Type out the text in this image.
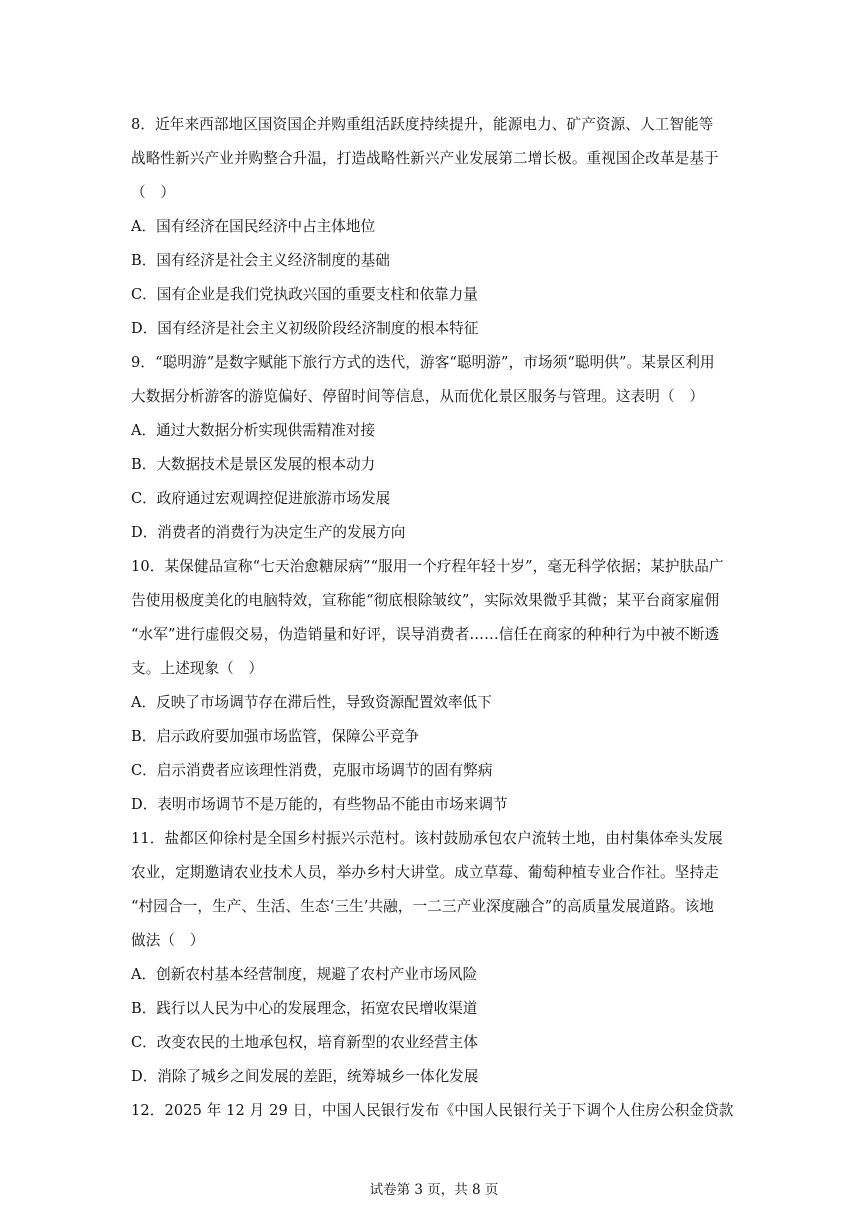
8．近年来西部地区国资国企并购重组活跃度持续提升，能源电力、矿产资源、人工智能等
战略性新兴产业并购整合升温，打造战略性新兴产业发展第二增长极。重视国企改革是基于
（　）
A．国有经济在国民经济中占主体地位
B．国有经济是社会主义经济制度的基础
C．国有企业是我们党执政兴国的重要支柱和依靠力量
D．国有经济是社会主义初级阶段经济制度的根本特征
9．“聪明游”是数字赋能下旅行方式的迭代，游客“聪明游”，市场须“聪明供”。某景区利用
大数据分析游客的游览偏好、停留时间等信息，从而优化景区服务与管理。这表明（　）
A．通过大数据分析实现供需精准对接
B．大数据技术是景区发展的根本动力
C．政府通过宏观调控促进旅游市场发展
D．消费者的消费行为决定生产的发展方向
10．某保健品宣称“七天治愈糖尿病”“服用一个疗程年轻十岁”，毫无科学依据；某护肤品广
告使用极度美化的电脑特效，宣称能“彻底根除皱纹”，实际效果微乎其微；某平台商家雇佣
“水军”进行虚假交易，伪造销量和好评，误导消费者……信任在商家的种种行为中被不断透
支。上述现象（　）
A．反映了市场调节存在滞后性，导致资源配置效率低下
B．启示政府要加强市场监管，保障公平竞争
C．启示消费者应该理性消费，克服市场调节的固有弊病
D．表明市场调节不是万能的，有些物品不能由市场来调节
11．盐都区仰徐村是全国乡村振兴示范村。该村鼓励承包农户流转土地，由村集体牵头发展
农业，定期邀请农业技术人员，举办乡村大讲堂。成立草莓、葡萄种植专业合作社。坚持走
“村园合一，生产、生活、生态‘三生’共融，一二三产业深度融合”的高质量发展道路。该地
做法（　）
A．创新农村基本经营制度，规避了农村产业市场风险
B．践行以人民为中心的发展理念，拓宽农民增收渠道
C．改变农民的土地承包权，培育新型的农业经营主体
D．消除了城乡之间发展的差距，统筹城乡一体化发展
12．2025 年 12 月 29 日，中国人民银行发布《中国人民银行关于下调个人住房公积金贷款
试卷第 3 页，共 8 页
